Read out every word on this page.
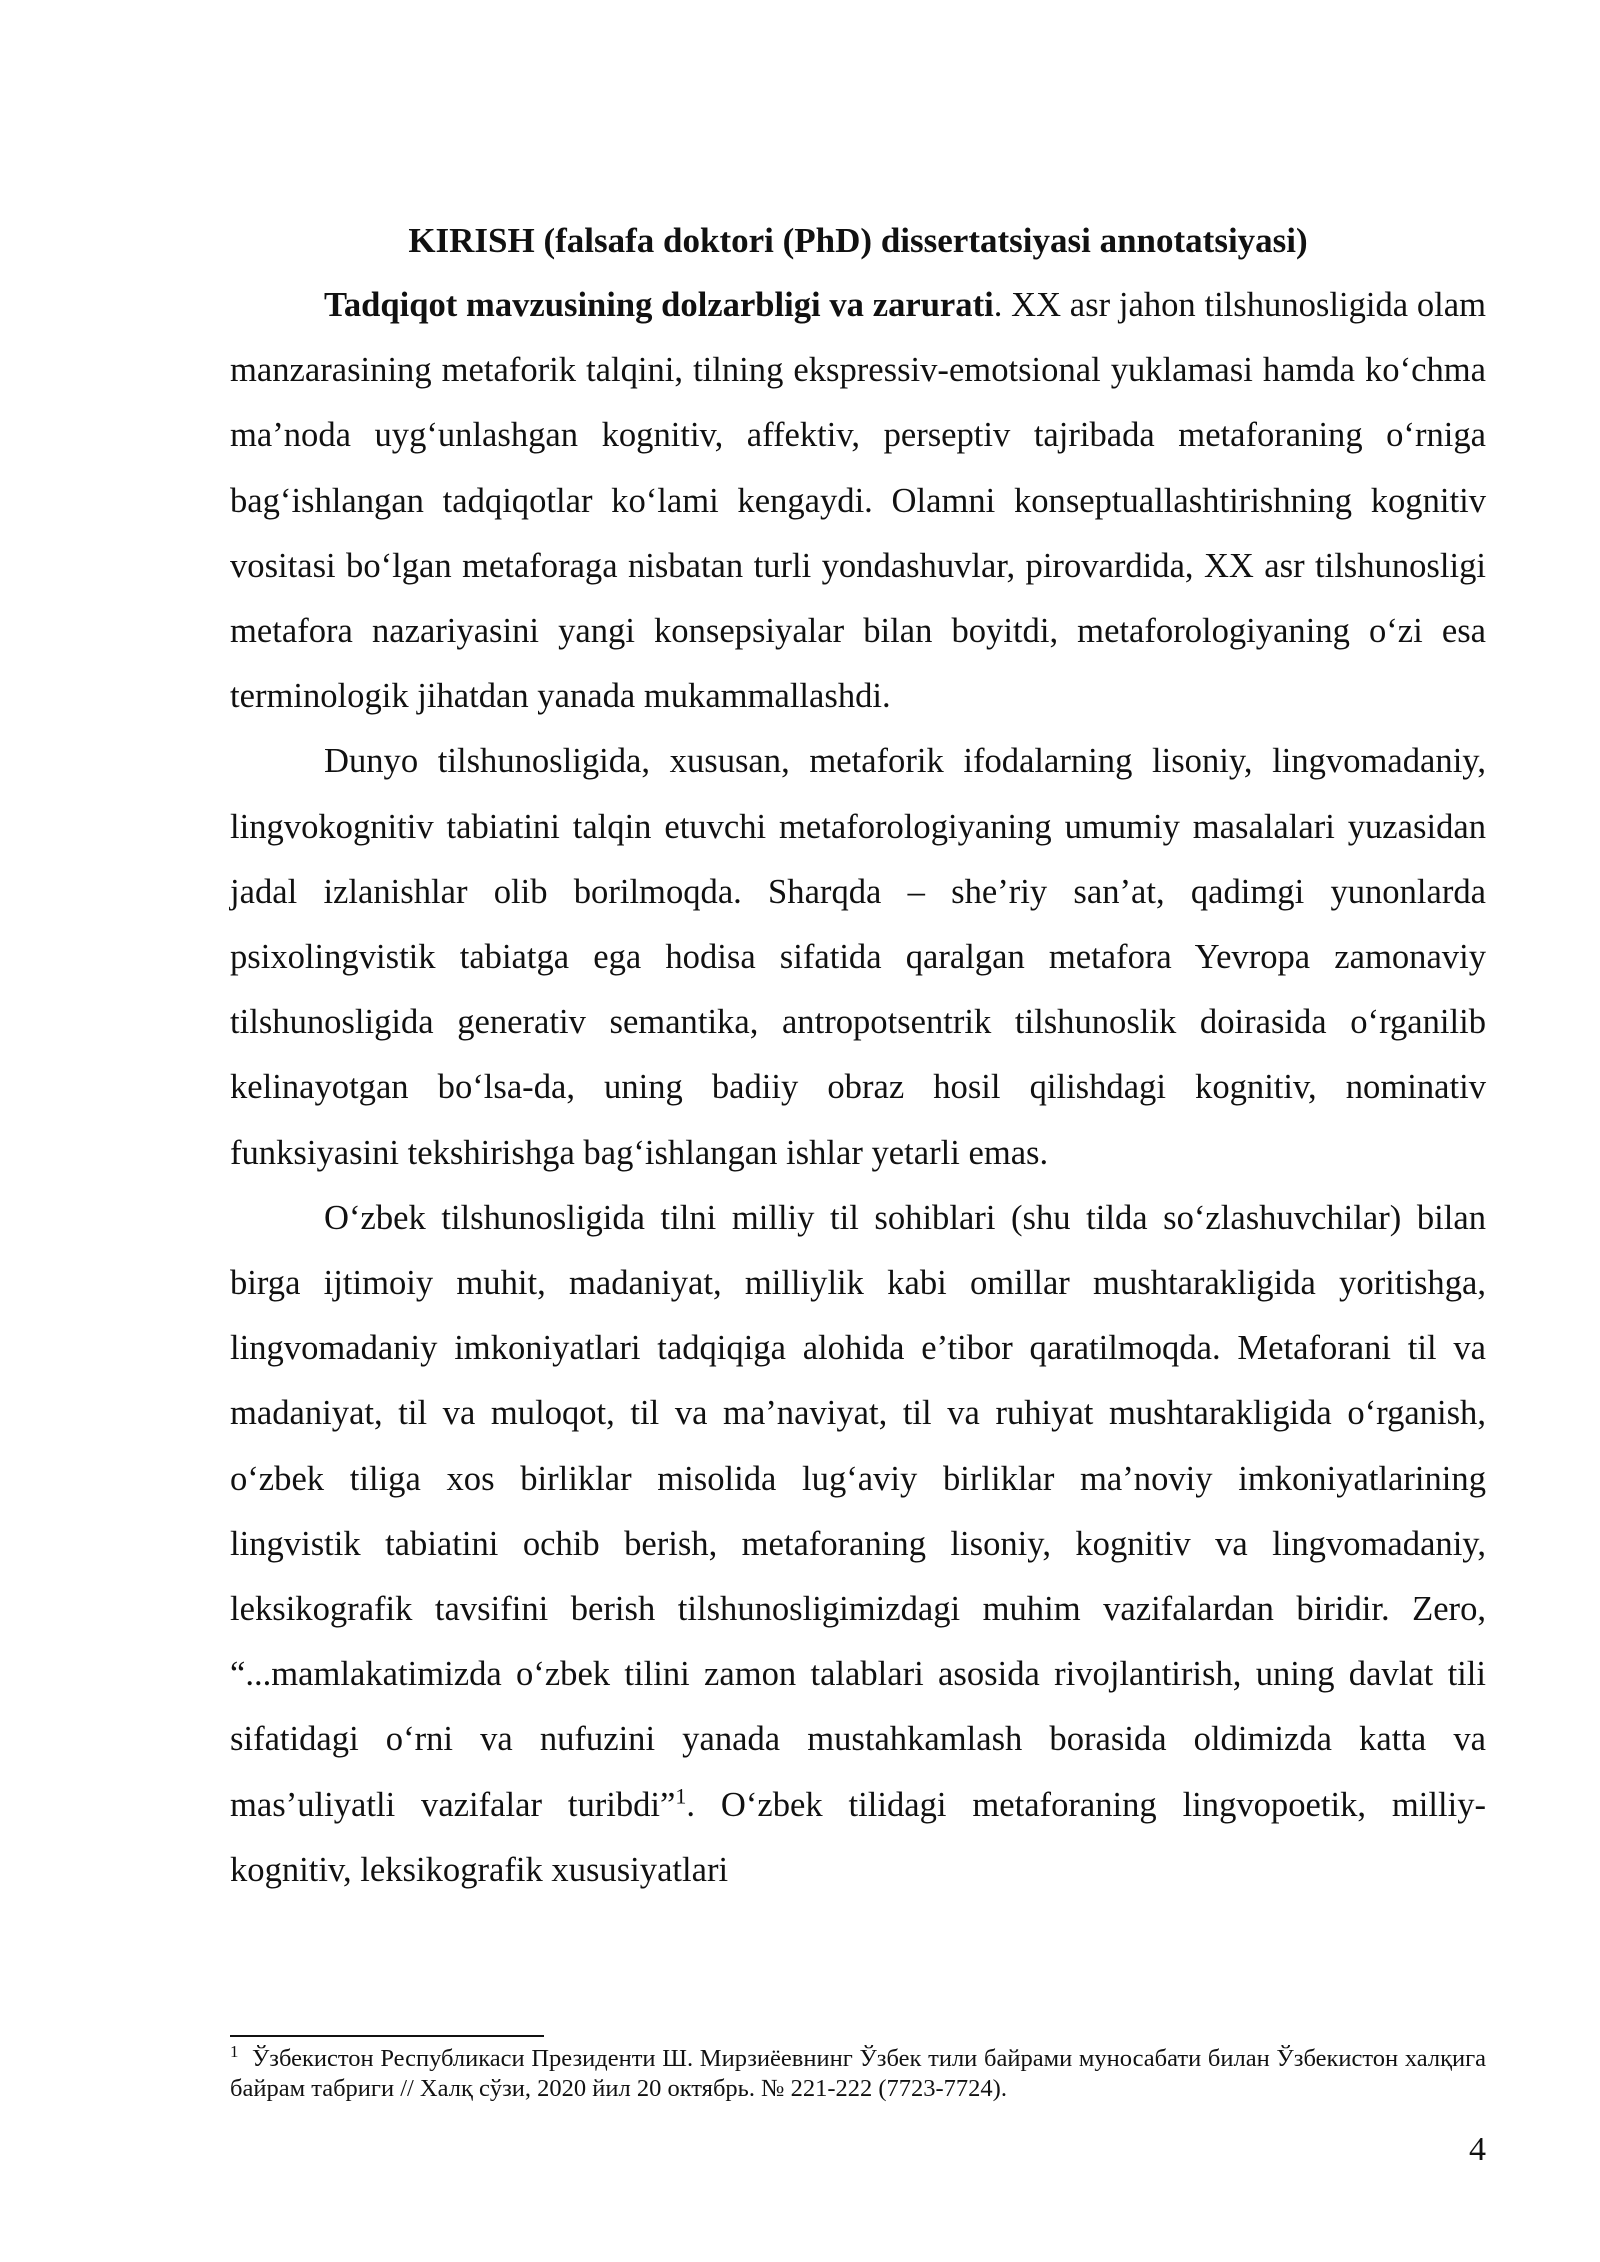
KIRISH (falsafa doktori (PhD) dissertatsiyasi annotatsiyasi)

Tadqiqot mavzusining dolzarbligi va zarurati. XX asr jahon tilshunosligida olam manzarasining metaforik talqini, tilning ekspressiv-emotsional yuklamasi hamda ko‘chma ma’noda uyg‘unlashgan kognitiv, affektiv, perseptiv tajribada metaforaning o‘rniga bag‘ishlangan tadqiqotlar ko‘lami kengaydi. Olamni konseptuallashtirishning kognitiv vositasi bo‘lgan metaforaga nisbatan turli yondashuvlar, pirovardida, XX asr tilshunosligi metafora nazariyasini yangi konsepsiyalar bilan boyitdi, metaforologiyaning o‘zi esa terminologik jihatdan yanada mukammallashdi.

Dunyo tilshunosligida, xususan, metaforik ifodalarning lisoniy, lingvomadaniy, lingvokognitiv tabiatini talqin etuvchi metaforologiyaning umumiy masalalari yuzasidan jadal izlanishlar olib borilmoqda. Sharqda – she’riy san’at, qadimgi yunonlarda psixolingvistik tabiatga ega hodisa sifatida qaralgan metafora Yevropa zamonaviy tilshunosligida generativ semantika, antropotsentrik tilshunoslik doirasida o‘rganilib kelinayotgan bo‘lsa-da, uning badiiy obraz hosil qilishdagi kognitiv, nominativ funksiyasini tekshirishga bag‘ishlangan ishlar yetarli emas.

O‘zbek tilshunosligida tilni milliy til sohiblari (shu tilda so‘zlashuvchilar) bilan birga ijtimoiy muhit, madaniyat, milliylik kabi omillar mushtarakligida yoritishga, lingvomadaniy imkoniyatlari tadqiqiga alohida e’tibor qaratilmoqda. Metaforani til va madaniyat, til va muloqot, til va ma’naviyat, til va ruhiyat mushtarakligida o‘rganish, o‘zbek tiliga xos birliklar misolida lug‘aviy birliklar ma’noviy imkoniyatlarining lingvistik tabiatini ochib berish, metaforaning lisoniy, kognitiv va lingvomadaniy, leksikografik tavsifini berish tilshunosligimizdagi muhim vazifalardan biridir. Zero, “...mamlakatimizda o‘zbek tilini zamon talablari asosida rivojlantirish, uning davlat tili sifatidagi o‘rni va nufuzini yanada mustahkamlash borasida oldimizda katta va mas’uliyatli vazifalar turibdi”$^1$. O‘zbek tilidagi metaforaning lingvopoetik, milliy-kognitiv, leksikografik xususiyatlari

$^1$ Ўзбекистон Республикаси Президенти Ш. Мирзиёевнинг Ўзбек тили байрами муносабати билан Ўзбекистон халқига байрам табриги // Халқ сўзи, 2020 йил 20 октябрь. № 221-222 (7723-7724).

4
